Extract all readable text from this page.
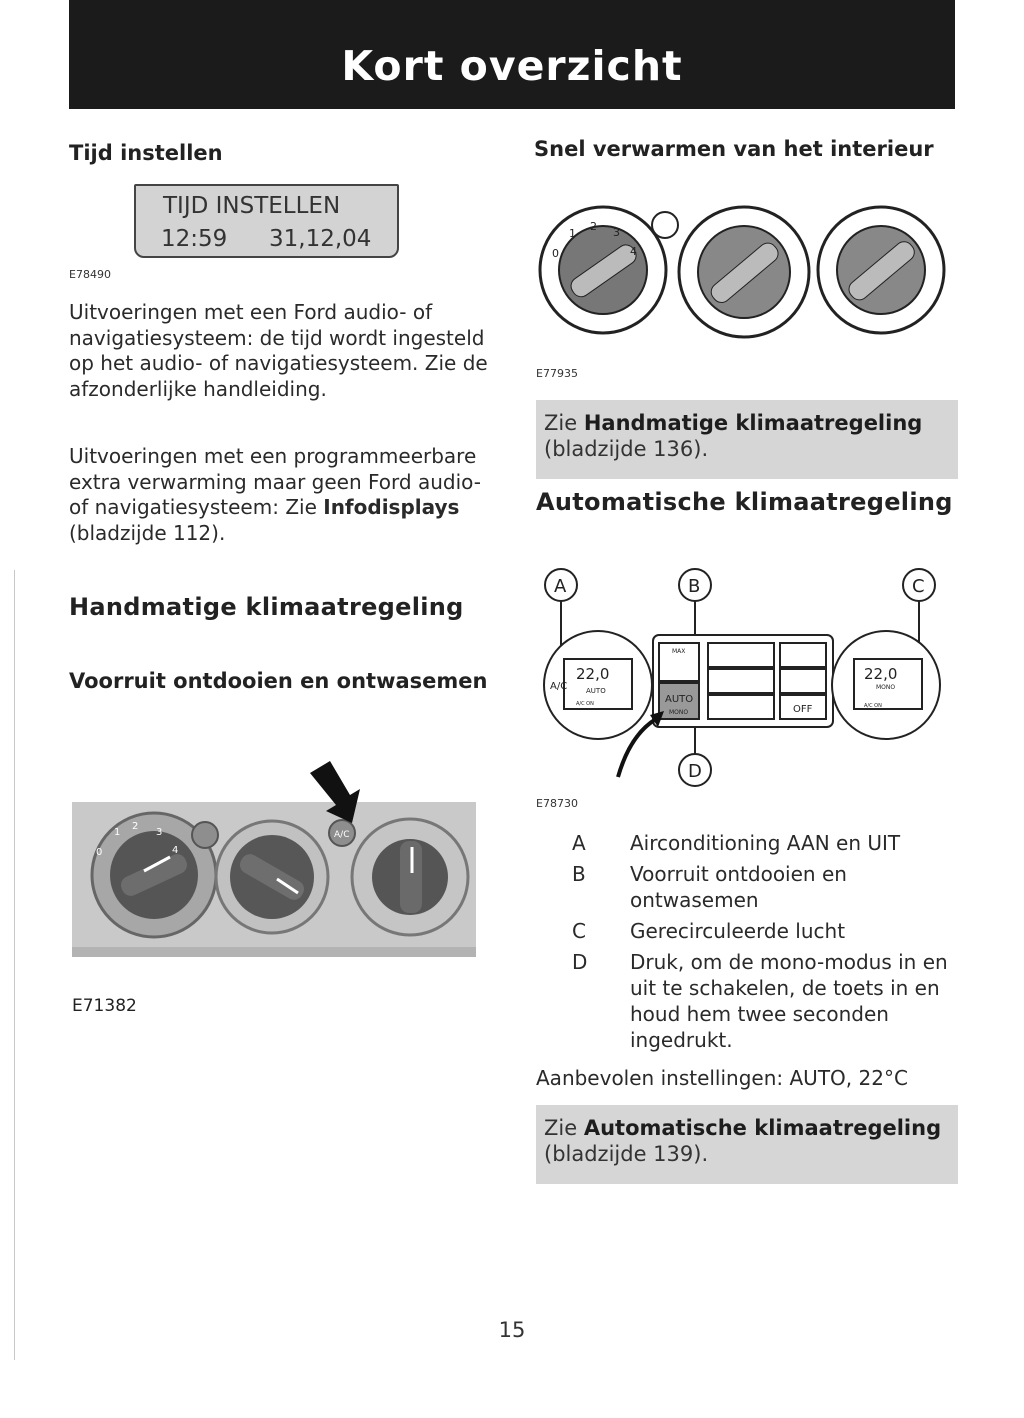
Kort overzicht
Tijd instellen
TIJD INSTELLEN
12:59 31,12,04
E78490
Uitvoeringen met een Ford audio- of navigatiesysteem: de tijd wordt ingesteld op het audio- of navigatiesysteem. Zie de afzonderlijke handleiding.
Uitvoeringen met een programmeerbare extra verwarming maar geen Ford audio- of navigatiesysteem: Zie Infodisplays (bladzijde 112).
Handmatige klimaatregeling
Voorruit ontdooien en ontwasemen
0
1
2
3
4
A/C
E71382
Snel verwarmen van het interieur
0
1
2 3
4
E77935
Zie Handmatige klimaatregeling (bladzijde 136).
Automatische klimaatregeling
A	B	C
D
22,0
AUTO
A/C ON
A/C
22,0
MONO
A/C ON
MAX
AUTO
MONO	OFF
E78730
A	Airconditioning AAN en UIT
B	Voorruit ontdooien en ontwasemen
C	Gerecirculeerde lucht
D	Druk, om de mono-modus in en uit te schakelen, de toets in en houd hem twee seconden ingedrukt.
Aanbevolen instellingen: AUTO, 22°C
Zie Automatische klimaatregeling (bladzijde 139).
15
